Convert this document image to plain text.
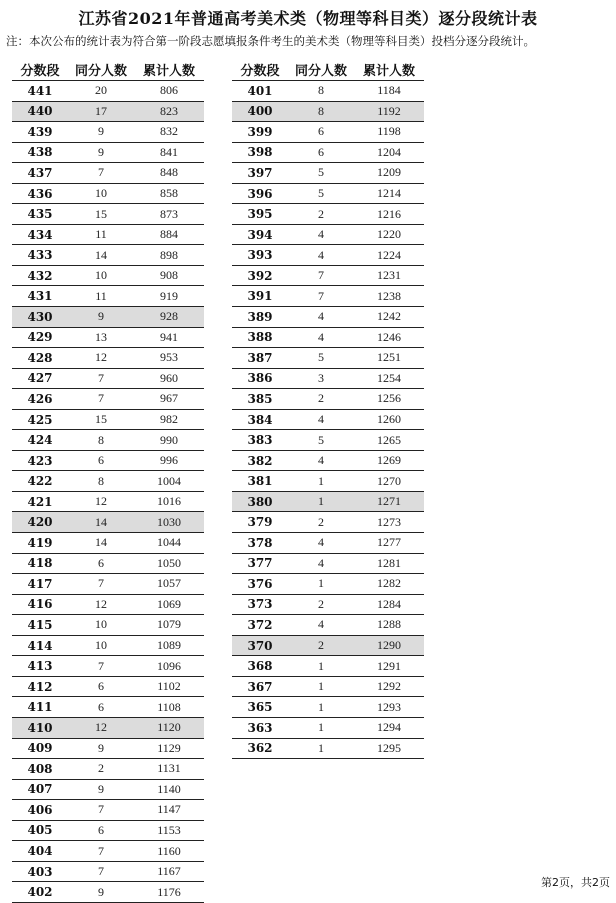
江苏省2021年普通高考美术类（物理等科目类）逐分段统计表
注：本次公布的统计表为符合第一阶段志愿填报条件考生的美术类（物理等科目类）投档分逐分段统计。
分数段	同分人数	累计人数
441	20	806
440	17	823
439	9	832
438	9	841
437	7	848
436	10	858
435	15	873
434	11	884
433	14	898
432	10	908
431	11	919
430	9	928
429	13	941
428	12	953
427	7	960
426	7	967
425	15	982
424	8	990
423	6	996
422	8	1004
421	12	1016
420	14	1030
419	14	1044
418	6	1050
417	7	1057
416	12	1069
415	10	1079
414	10	1089
413	7	1096
412	6	1102
411	6	1108
410	12	1120
409	9	1129
408	2	1131
407	9	1140
406	7	1147
405	6	1153
404	7	1160
403	7	1167
402	9	1176
分数段	同分人数	累计人数
401	8	1184
400	8	1192
399	6	1198
398	6	1204
397	5	1209
396	5	1214
395	2	1216
394	4	1220
393	4	1224
392	7	1231
391	7	1238
389	4	1242
388	4	1246
387	5	1251
386	3	1254
385	2	1256
384	4	1260
383	5	1265
382	4	1269
381	1	1270
380	1	1271
379	2	1273
378	4	1277
377	4	1281
376	1	1282
373	2	1284
372	4	1288
370	2	1290
368	1	1291
367	1	1292
365	1	1293
363	1	1294
362	1	1295
第2页，共2页
